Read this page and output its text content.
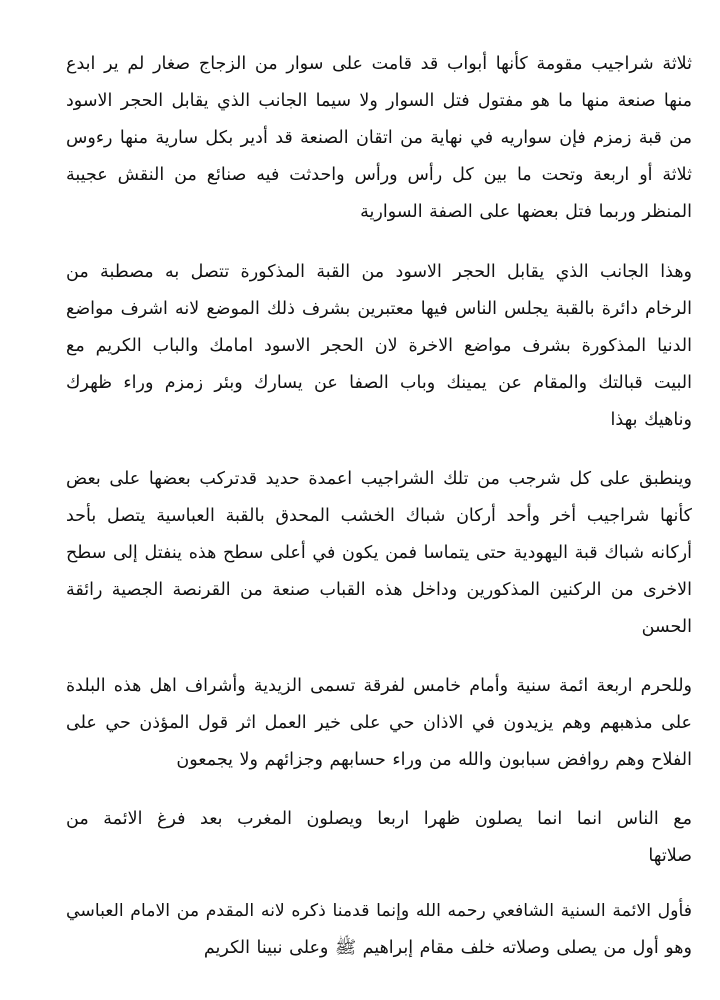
ثلاثة شراجيب مقومة كأنها أبواب قد قامت على سوار من الزجاج صغار لم ير ابدع
منها صنعة منها ما هو مفتول فتل السوار ولا سيما الجانب الذي يقابل الحجر الاسود
من قبة زمزم فإن سواريه في نهاية من اتقان الصنعة قد أدير بكل سارية منها رءوس
ثلاثة أو اربعة وتحت ما بين كل رأس ورأس واحدثت فيه صنائع من النقش عجيبة
المنظر وربما فتل بعضها على الصفة السوارية
وهذا الجانب الذي يقابل الحجر الاسود من القبة المذكورة تتصل به مصطبة من
الرخام دائرة بالقبة يجلس الناس فيها معتبرين بشرف ذلك الموضع لانه اشرف مواضع
الدنيا المذكورة بشرف مواضع الاخرة لان الحجر الاسود امامك والباب الكريم مع
البيت قبالتك والمقام عن يمينك وباب الصفا عن يسارك وبئر زمزم وراء ظهرك
وناهيك بهذا
وينطبق على كل شرجب من تلك الشراجيب اعمدة حديد قدتركب بعضها على بعض
كأنها شراجيب أخر وأحد أركان شباك الخشب المحدق بالقبة العباسية يتصل بأحد
أركانه شباك قبة اليهودية حتى يتماسا فمن يكون في أعلى سطح هذه ينفتل إلى سطح
الاخرى من الركنين المذكورين وداخل هذه القباب صنعة من القرنصة الجصية رائقة
الحسن
وللحرم اربعة ائمة سنية وأمام خامس لفرقة تسمى الزيدية وأشراف اهل هذه البلدة
على مذهبهم وهم يزيدون في الاذان حي على خير العمل اثر قول المؤذن حي على
الفلاح وهم روافض سبابون والله من وراء حسابهم وجزائهم ولا يجمعون
مع الناس انما انما يصلون ظهرا اربعا ويصلون المغرب بعد فرغ الائمة من
صلاتها
فأول الائمة السنية الشافعي رحمه الله وإنما قدمنا ذكره لانه المقدم من الامام العباسي
وهو أول من يصلى وصلاته خلف مقام إبراهيم ﷺ وعلى نبينا الكريم
